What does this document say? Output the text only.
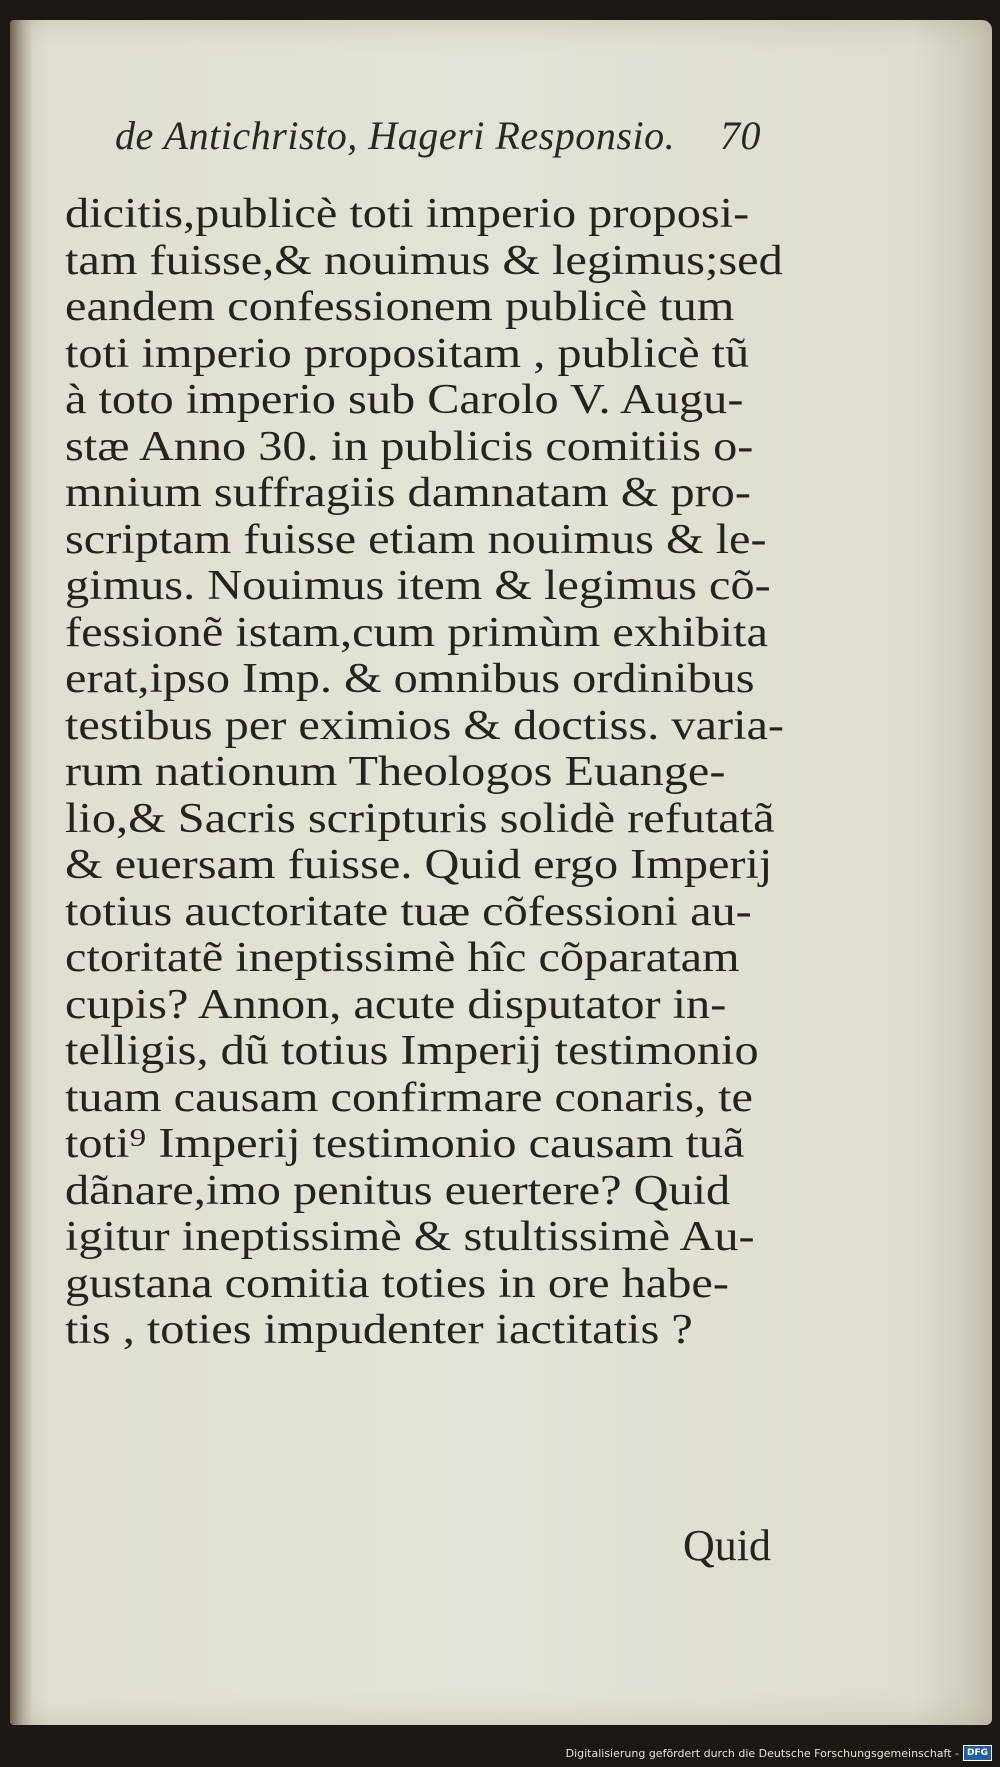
de Antichristo, Hageri Responsio. 70
dicitis,publicè toti imperio proposi-
tam fuisse,& nouimus & legimus;sed
eandem confessionem publicè tum
toti imperio propositam , publicè tũ
à toto imperio sub Carolo V. Augu-
stæ Anno 30. in publicis comitiis o-
mnium suffragiis damnatam & pro-
scriptam fuisse etiam nouimus & le-
gimus. Nouimus item & legimus cõ-
fessionẽ istam,cum primùm exhibita
erat,ipso Imp. & omnibus ordinibus
testibus per eximios & doctiss. varia-
rum nationum Theologos Euange-
lio,& Sacris scripturis solidè refutatã
& euersam fuisse. Quid ergo Imperij
totius auctoritate tuæ cõfessioni au-
ctoritatẽ ineptissimè hîc cõparatam
cupis? Annon, acute disputator in-
telligis, dũ totius Imperij testimonio
tuam causam confirmare conaris, te
toti⁹ Imperij testimonio causam tuã
dãnare,imo penitus euertere? Quid
igitur ineptissimè & stultissimè Au-
gustana comitia toties in ore habe-
tis , toties impudenter iactitatis ?
Quid
Digitalisierung gefördert durch die Deutsche Forschungsgemeinschaft - DFG
